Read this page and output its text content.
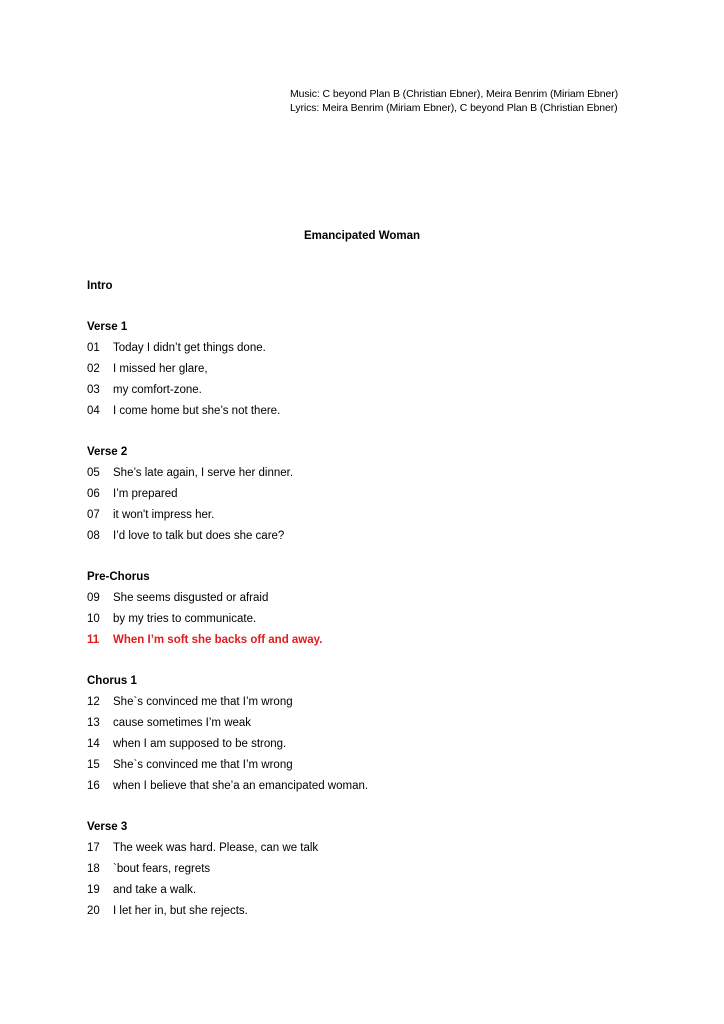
Music: C beyond Plan B (Christian Ebner), Meira Benrim (Miriam Ebner)
Lyrics: Meira Benrim (Miriam Ebner), C beyond Plan B (Christian Ebner)
Emancipated Woman
Intro
Verse 1
01	Today I didn’t get things done.
02	I missed her glare,
03	my comfort-zone.
04	I come home but she’s not there.
Verse 2
05	She’s late again, I serve her dinner.
06	I’m prepared
07	it won't impress her.
08	I’d love to talk but does she care?
Pre-Chorus
09	She seems disgusted or afraid
10	by my tries to communicate.
11	When I’m soft she backs off and away.
Chorus 1
12	She`s convinced me that I’m wrong
13	cause sometimes I’m weak
14	when I am supposed to be strong.
15	She`s convinced me that I’m wrong
16	when I believe that she’a an emancipated woman.
Verse 3
17	The week was hard. Please, can we talk
18	`bout fears, regrets
19	and take a walk.
20	I let her in, but she rejects.
